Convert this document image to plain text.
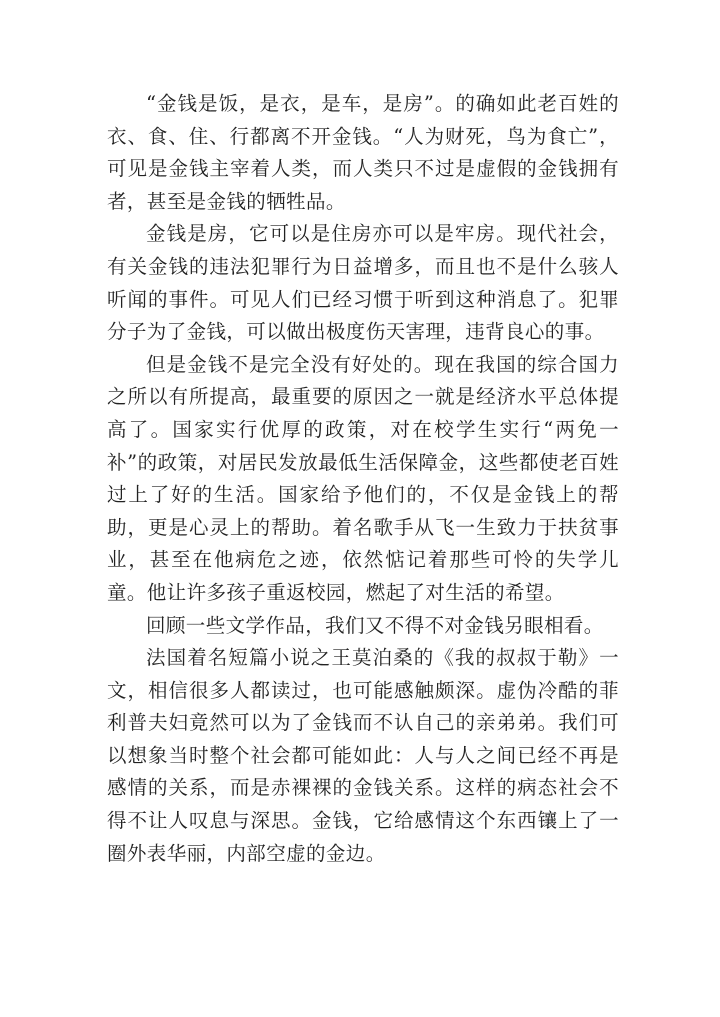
“金钱是饭，是衣，是车，是房”。的确如此老百姓的衣、食、住、行都离不开金钱。“人为财死，鸟为食亡”，可见是金钱主宰着人类，而人类只不过是虚假的金钱拥有者，甚至是金钱的牺牲品。

金钱是房，它可以是住房亦可以是牢房。现代社会，有关金钱的违法犯罪行为日益增多，而且也不是什么骇人听闻的事件。可见人们已经习惯于听到这种消息了。犯罪分子为了金钱，可以做出极度伤天害理，违背良心的事。

但是金钱不是完全没有好处的。现在我国的综合国力之所以有所提高，最重要的原因之一就是经济水平总体提高了。国家实行优厚的政策，对在校学生实行“两免一补”的政策，对居民发放最低生活保障金，这些都使老百姓过上了好的生活。国家给予他们的，不仅是金钱上的帮助，更是心灵上的帮助。着名歌手从飞一生致力于扶贫事业，甚至在他病危之迹，依然惦记着那些可怜的失学儿童。他让许多孩子重返校园，燃起了对生活的希望。

回顾一些文学作品，我们又不得不对金钱另眼相看。

法国着名短篇小说之王莫泊桑的《我的叔叔于勒》一文，相信很多人都读过，也可能感触颇深。虚伪冷酷的菲利普夫妇竟然可以为了金钱而不认自己的亲弟弟。我们可以想象当时整个社会都可能如此：人与人之间已经不再是感情的关系，而是赤裸裸的金钱关系。这样的病态社会不得不让人叹息与深思。金钱，它给感情这个东西镶上了一圈外表华丽，内部空虚的金边。
